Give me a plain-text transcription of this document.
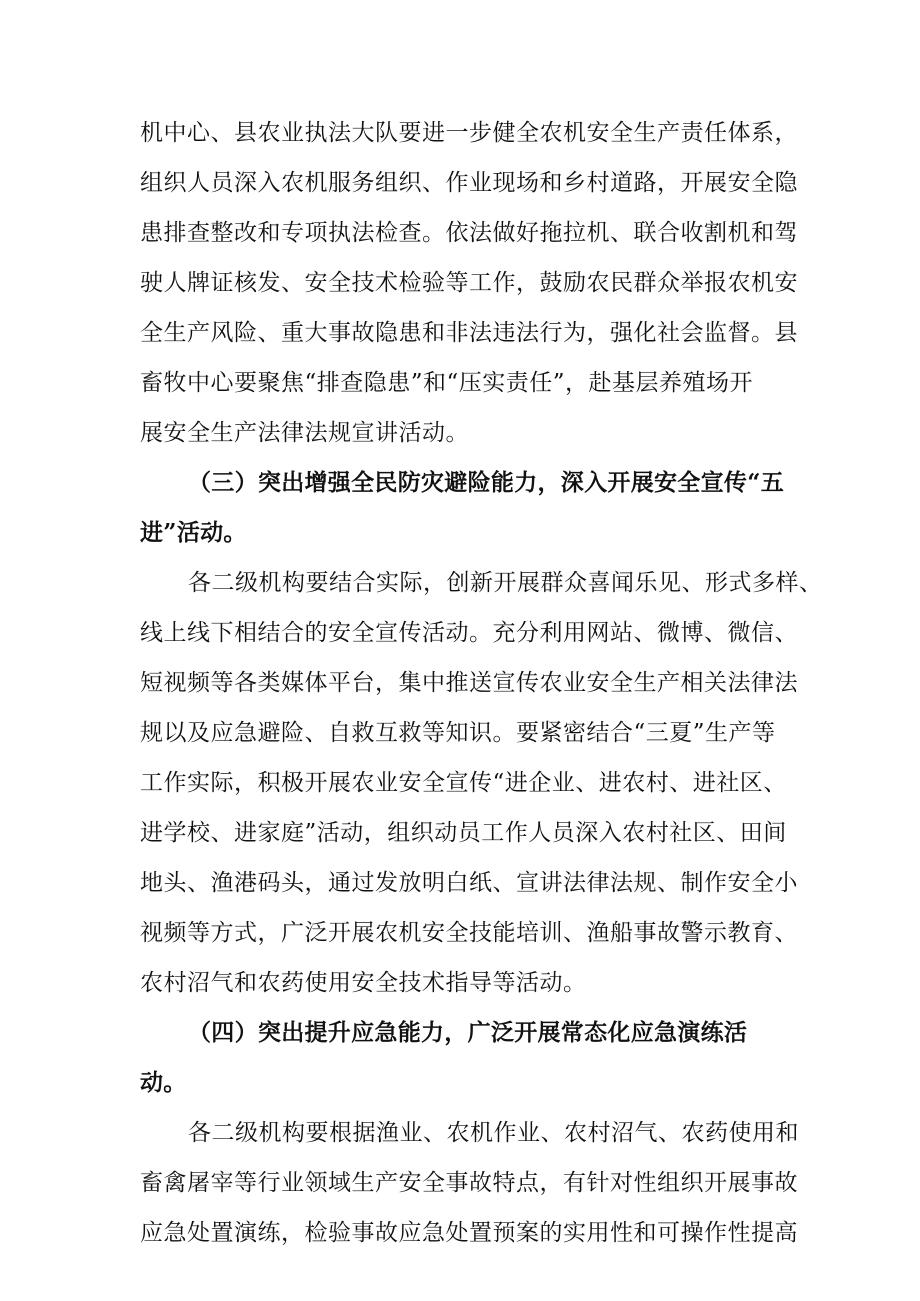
机中心、县农业执法大队要进一步健全农机安全生产责任体系，
组织人员深入农机服务组织、作业现场和乡村道路，开展安全隐
患排查整改和专项执法检查。依法做好拖拉机、联合收割机和驾
驶人牌证核发、安全技术检验等工作，鼓励农民群众举报农机安
全生产风险、重大事故隐患和非法违法行为，强化社会监督。县
畜牧中心要聚焦“排查隐患”和“压实责任”，赴基层养殖场开
展安全生产法律法规宣讲活动。
（三）突出增强全民防灾避险能力，深入开展安全宣传“五
进”活动。
各二级机构要结合实际，创新开展群众喜闻乐见、形式多样、
线上线下相结合的安全宣传活动。充分利用网站、微博、微信、
短视频等各类媒体平台，集中推送宣传农业安全生产相关法律法
规以及应急避险、自救互救等知识。要紧密结合“三夏”生产等
工作实际，积极开展农业安全宣传“进企业、进农村、进社区、
进学校、进家庭”活动，组织动员工作人员深入农村社区、田间
地头、渔港码头，通过发放明白纸、宣讲法律法规、制作安全小
视频等方式，广泛开展农机安全技能培训、渔船事故警示教育、
农村沼气和农药使用安全技术指导等活动。
（四）突出提升应急能力，广泛开展常态化应急演练活
动。
各二级机构要根据渔业、农机作业、农村沼气、农药使用和
畜禽屠宰等行业领域生产安全事故特点，有针对性组织开展事故
应急处置演练，检验事故应急处置预案的实用性和可操作性提高
